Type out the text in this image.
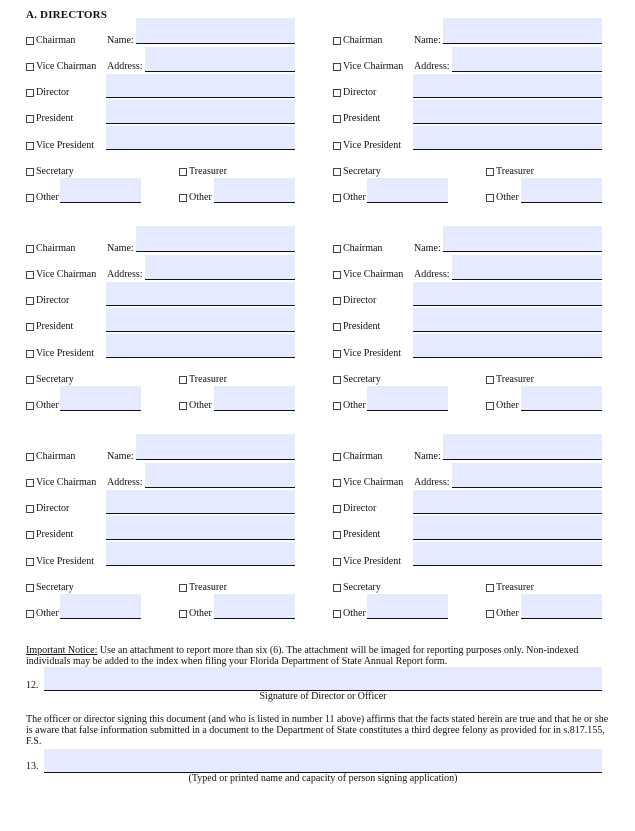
A. DIRECTORS
Chairman	Name:
Vice Chairman Address:
Director
President
Vice President
Secretary	Treasurer
Other	Other
Chairman	Name:
Vice Chairman Address:
Director
President
Vice President
Secretary	Treasurer
Other	Other
Chairman	Name:
Vice Chairman Address:
Director
President
Vice President
Secretary	Treasurer
Other	Other
Chairman	Name:
Vice Chairman Address:
Director
President
Vice President
Secretary	Treasurer
Other	Other
Chairman	Name:
Vice Chairman Address:
Director
President
Vice President
Secretary	Treasurer
Other	Other
Chairman	Name:
Vice Chairman Address:
Director
President
Vice President
Secretary	Treasurer
Other	Other
Important Notice: Use an attachment to report more than six (6). The attachment will be imaged for reporting purposes only. Non-indexed individuals may be added to the index when filing your Florida Department of State Annual Report form.
12.
Signature of Director or Officer
The officer or director signing this document (and who is listed in number 11 above) affirms that the facts stated herein are true and that he or she is aware that false information submitted in a document to the Department of State constitutes a third degree felony as provided for in s.817.155, F.S.
13.
(Typed or printed name and capacity of person signing application)
